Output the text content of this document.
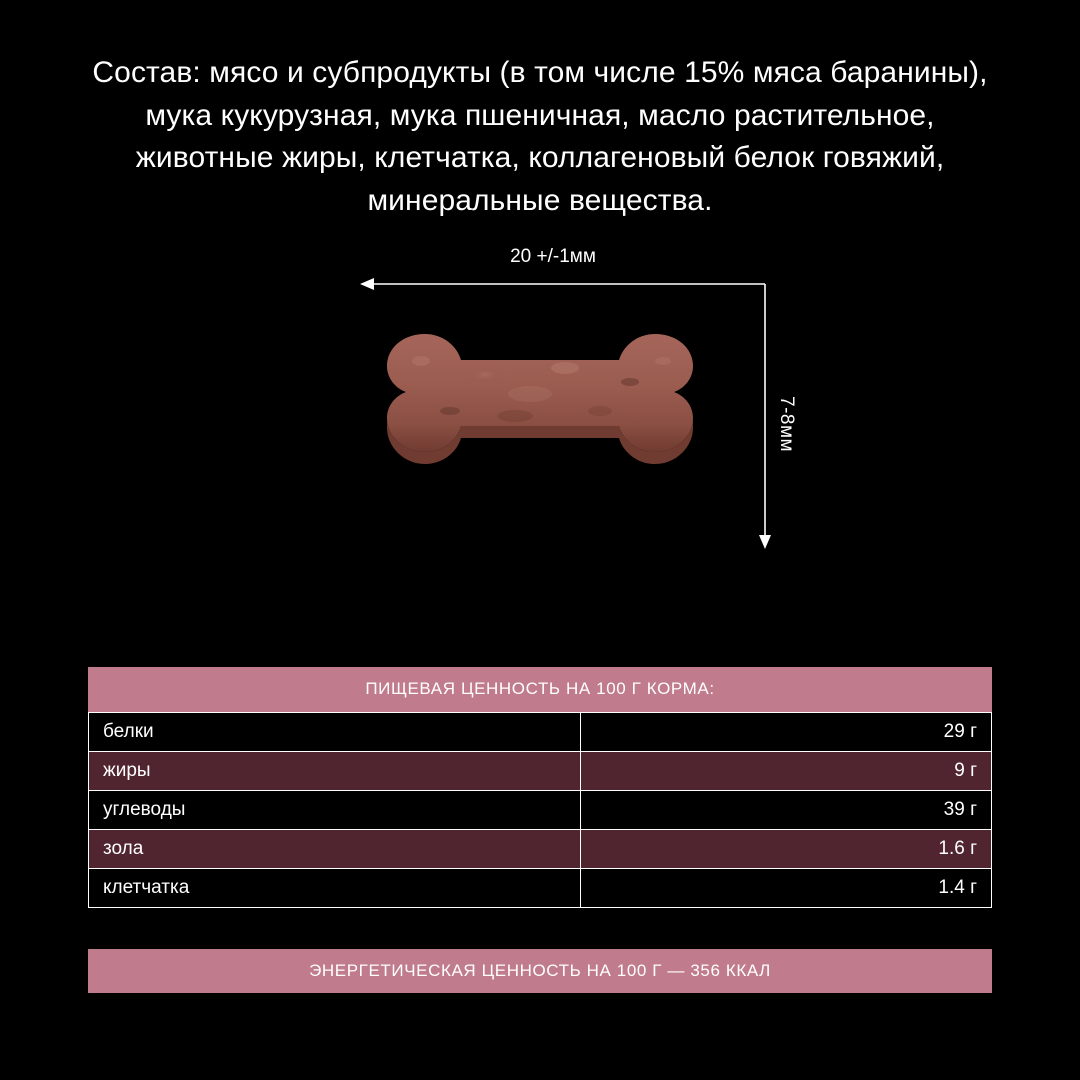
Состав: мясо и субпродукты (в том числе 15% мяса баранины), мука кукурузная, мука пшеничная, масло растительное, животные жиры, клетчатка, коллагеновый белок говяжий, минеральные вещества.
20 +/-1мм
7-8мм
ПИЩЕВАЯ ЦЕННОСТЬ НА 100 Г КОРМА:
белки	29 г
жиры	9 г
углеводы	39 г
зола	1.6 г
клетчатка	1.4 г
ЭНЕРГЕТИЧЕСКАЯ ЦЕННОСТЬ НА 100 Г — 356 ККАЛ
